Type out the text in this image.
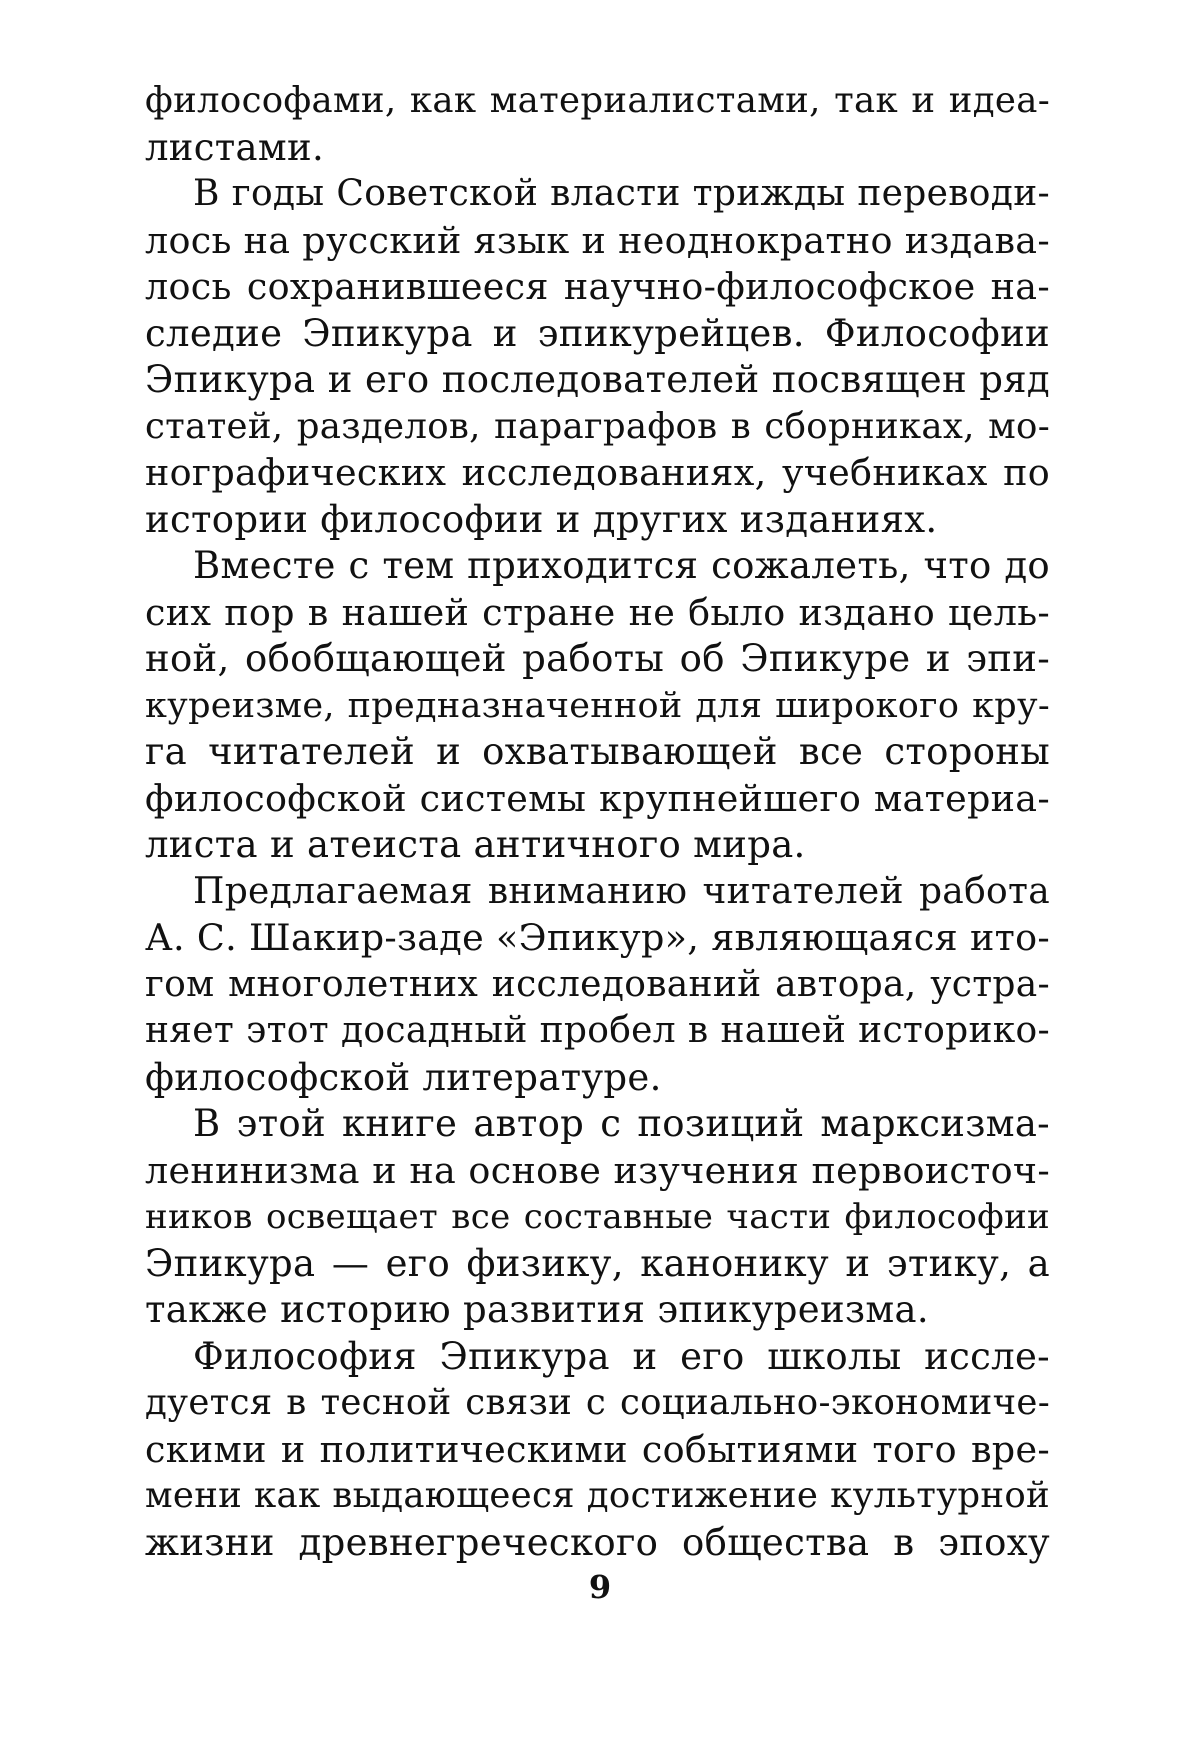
философами, как материалистами, так и идеа-
листами.
В годы Советской власти трижды переводи-
лось на русский язык и неоднократно издава-
лось сохранившееся научно-философское на-
следие Эпикура и эпикурейцев. Философии
Эпикура и его последователей посвящен ряд
статей, разделов, параграфов в сборниках, мо-
нографических исследованиях, учебниках по
истории философии и других изданиях.
Вместе с тем приходится сожалеть, что до
сих пор в нашей стране не было издано цель-
ной, обобщающей работы об Эпикуре и эпи-
куреизме, предназначенной для широкого кру-
га читателей и охватывающей все стороны
философской системы крупнейшего материа-
листа и атеиста античного мира.
Предлагаемая вниманию читателей работа
А. С. Шакир-заде «Эпикур», являющаяся ито-
гом многолетних исследований автора, устра-
няет этот досадный пробел в нашей историко-
философской литературе.
В этой книге автор с позиций марксизма-
ленинизма и на основе изучения первоисточ-
ников освещает все составные части философии
Эпикура — его физику, канонику и этику, а
также историю развития эпикуреизма.
Философия Эпикура и его школы иссле-
дуется в тесной связи с социально-экономиче-
скими и политическими событиями того вре-
мени как выдающееся достижение культурной
жизни древнегреческого общества в эпоху
9
